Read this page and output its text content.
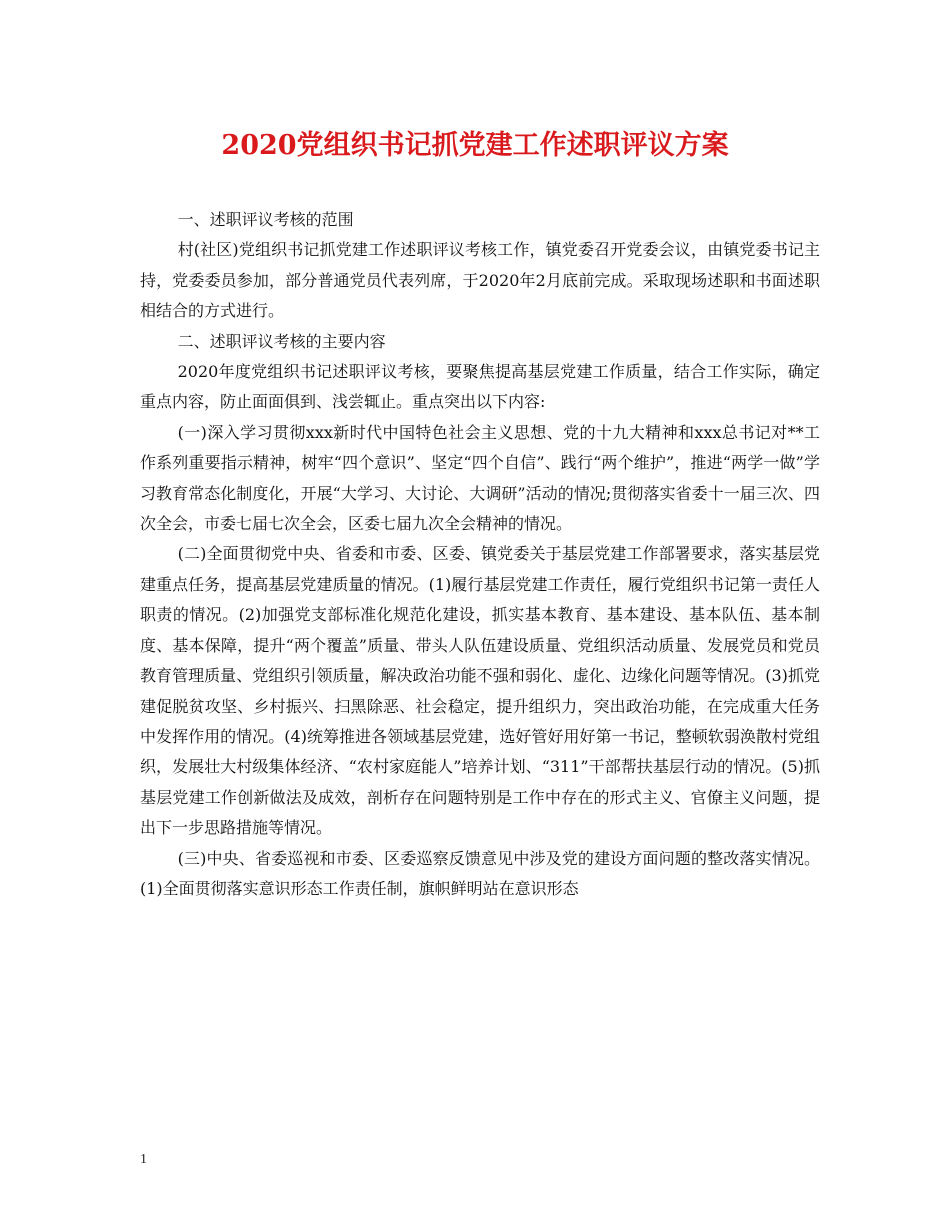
2020党组织书记抓党建工作述职评议方案

一、述职评议考核的范围

村(社区)党组织书记抓党建工作述职评议考核工作，镇党委召开党委会议，由镇党委书记主持，党委委员参加，部分普通党员代表列席，于2020年2月底前完成。采取现场述职和书面述职相结合的方式进行。

二、述职评议考核的主要内容

2020年度党组织书记述职评议考核，要聚焦提高基层党建工作质量，结合工作实际，确定重点内容，防止面面俱到、浅尝辄止。重点突出以下内容:

(一)深入学习贯彻xxx新时代中国特色社会主义思想、党的十九大精神和xxx总书记对**工作系列重要指示精神，树牢“四个意识”、坚定“四个自信”、践行“两个维护”，推进“两学一做”学习教育常态化制度化，开展“大学习、大讨论、大调研”活动的情况;贯彻落实省委十一届三次、四次全会，市委七届七次全会，区委七届九次全会精神的情况。

(二)全面贯彻党中央、省委和市委、区委、镇党委关于基层党建工作部署要求，落实基层党建重点任务，提高基层党建质量的情况。(1)履行基层党建工作责任，履行党组织书记第一责任人职责的情况。(2)加强党支部标准化规范化建设，抓实基本教育、基本建设、基本队伍、基本制度、基本保障，提升“两个覆盖”质量、带头人队伍建设质量、党组织活动质量、发展党员和党员教育管理质量、党组织引领质量，解决政治功能不强和弱化、虚化、边缘化问题等情况。(3)抓党建促脱贫攻坚、乡村振兴、扫黑除恶、社会稳定，提升组织力，突出政治功能，在完成重大任务中发挥作用的情况。(4)统筹推进各领域基层党建，选好管好用好第一书记，整顿软弱涣散村党组织，发展壮大村级集体经济、“农村家庭能人”培养计划、“311”干部帮扶基层行动的情况。(5)抓基层党建工作创新做法及成效，剖析存在问题特别是工作中存在的形式主义、官僚主义问题，提出下一步思路措施等情况。

(三)中央、省委巡视和市委、区委巡察反馈意见中涉及党的建设方面问题的整改落实情况。(1)全面贯彻落实意识形态工作责任制，旗帜鲜明站在意识形态

1
